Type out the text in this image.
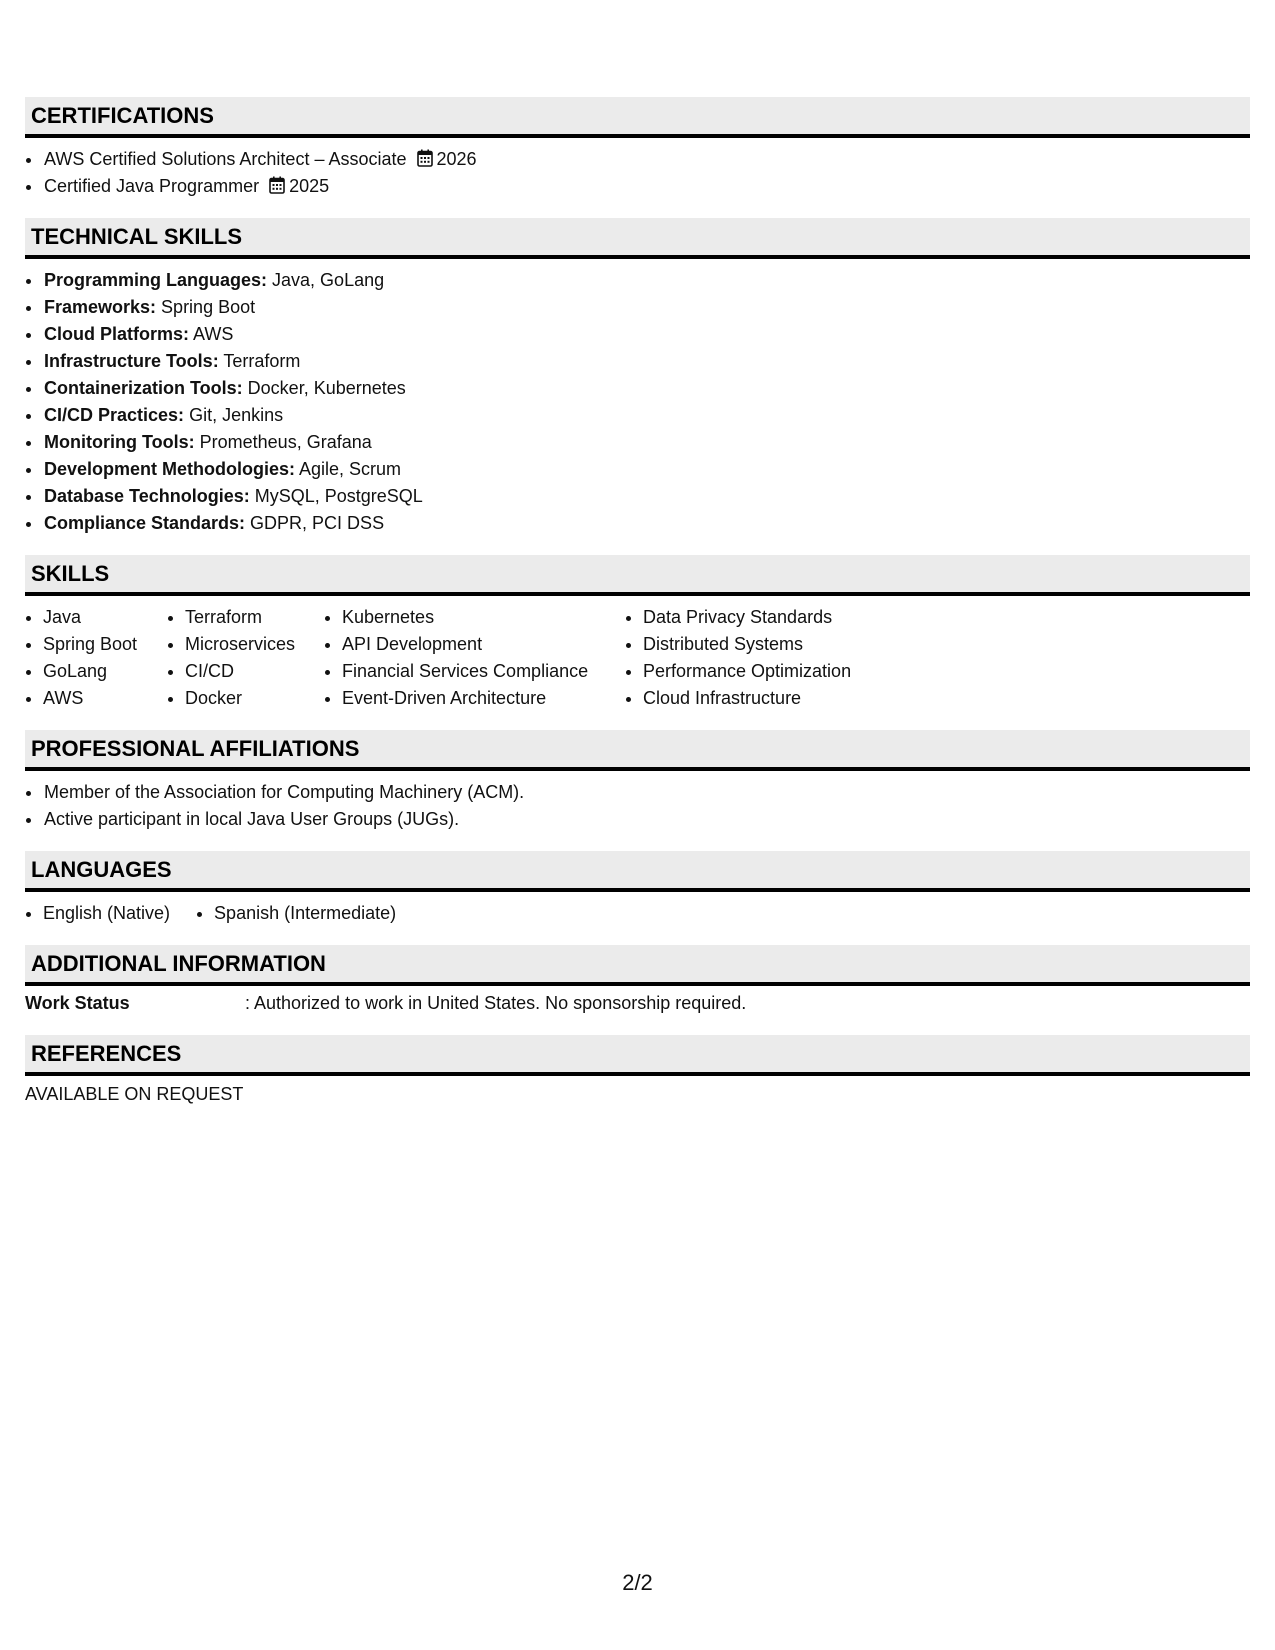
CERTIFICATIONS
• AWS Certified Solutions Architect – Associate 2026
• Certified Java Programmer 2025
TECHNICAL SKILLS
• Programming Languages: Java, GoLang
• Frameworks: Spring Boot
• Cloud Platforms: AWS
• Infrastructure Tools: Terraform
• Containerization Tools: Docker, Kubernetes
• CI/CD Practices: Git, Jenkins
• Monitoring Tools: Prometheus, Grafana
• Development Methodologies: Agile, Scrum
• Database Technologies: MySQL, PostgreSQL
• Compliance Standards: GDPR, PCI DSS
SKILLS
• Java
• Spring Boot
• GoLang
• AWS
• Terraform
• Microservices
• CI/CD
• Docker
• Kubernetes
• API Development
• Financial Services Compliance
• Event-Driven Architecture
• Data Privacy Standards
• Distributed Systems
• Performance Optimization
• Cloud Infrastructure
PROFESSIONAL AFFILIATIONS
• Member of the Association for Computing Machinery (ACM).
• Active participant in local Java User Groups (JUGs).
LANGUAGES
• English (Native)
• Spanish (Intermediate)
ADDITIONAL INFORMATION
Work Status	: Authorized to work in United States. No sponsorship required.
REFERENCES
AVAILABLE ON REQUEST
2/2
